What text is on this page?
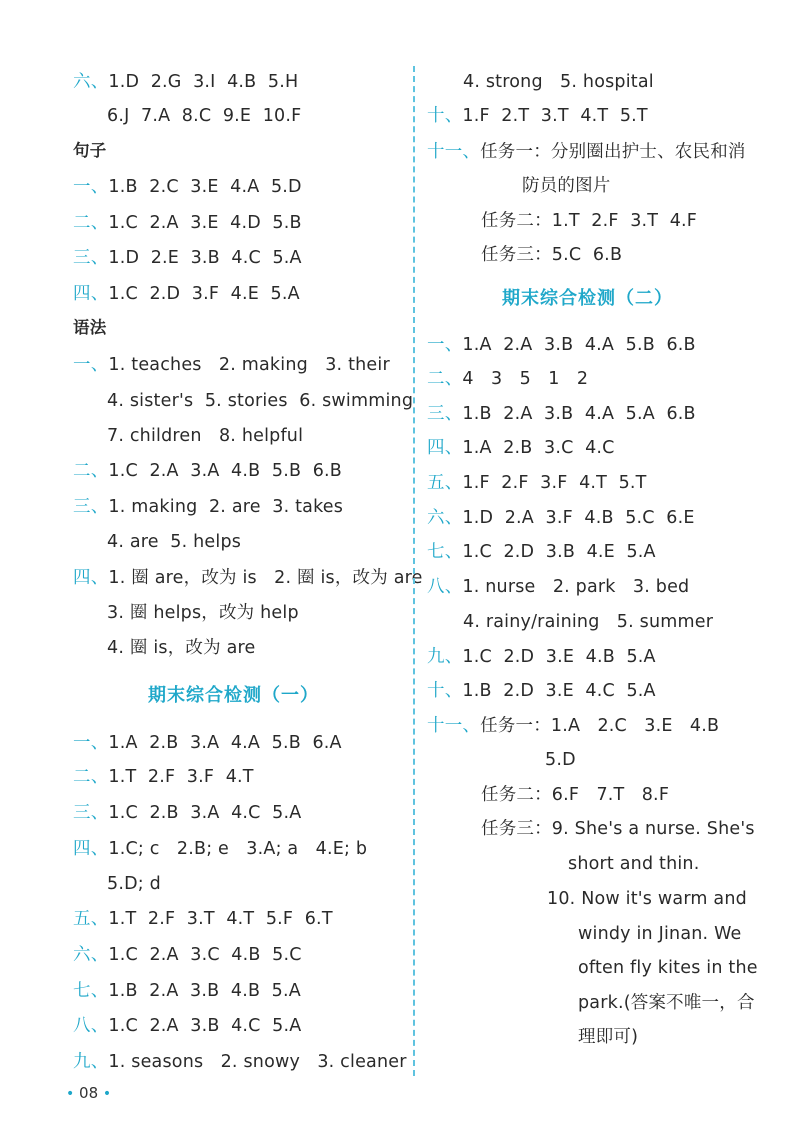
六、1.D  2.G  3.I  4.B  5.H
6.J  7.A  8.C  9.E  10.F
句子
一、1.B  2.C  3.E  4.A  5.D
二、1.C  2.A  3.E  4.D  5.B
三、1.D  2.E  3.B  4.C  5.A
四、1.C  2.D  3.F  4.E  5.A
语法
一、1. teaches   2. making   3. their
4. sister's  5. stories  6. swimming
7. children   8. helpful
二、1.C  2.A  3.A  4.B  5.B  6.B
三、1. making  2. are  3. takes
4. are  5. helps
四、1. 圈 are，改为 is   2. 圈 is，改为 are
3. 圈 helps，改为 help
4. 圈 is，改为 are
期末综合检测（一）
一、1.A  2.B  3.A  4.A  5.B  6.A
二、1.T  2.F  3.F  4.T
三、1.C  2.B  3.A  4.C  5.A
四、1.C; c   2.B; e   3.A; a   4.E; b
5.D; d
五、1.T  2.F  3.T  4.T  5.F  6.T
六、1.C  2.A  3.C  4.B  5.C
七、1.B  2.A  3.B  4.B  5.A
八、1.C  2.A  3.B  4.C  5.A
九、1. seasons   2. snowy   3. cleaner
4. strong   5. hospital
十、1.F  2.T  3.T  4.T  5.T
十一、任务一：分别圈出护士、农民和消
防员的图片
任务二：1.T  2.F  3.T  4.F
任务三：5.C  6.B
期末综合检测（二）
一、1.A  2.A  3.B  4.A  5.B  6.B
二、4   3   5   1   2
三、1.B  2.A  3.B  4.A  5.A  6.B
四、1.A  2.B  3.C  4.C
五、1.F  2.F  3.F  4.T  5.T
六、1.D  2.A  3.F  4.B  5.C  6.E
七、1.C  2.D  3.B  4.E  5.A
八、1. nurse   2. park   3. bed
4. rainy/raining   5. summer
九、1.C  2.D  3.E  4.B  5.A
十、1.B  2.D  3.E  4.C  5.A
十一、任务一：1.A   2.C   3.E   4.B
5.D
任务二：6.F   7.T   8.F
任务三：9. She's a nurse. She's
short and thin.
10. Now it's warm and
windy in Jinan. We
often fly kites in the
park.(答案不唯一，合
理即可)
• 08 •
